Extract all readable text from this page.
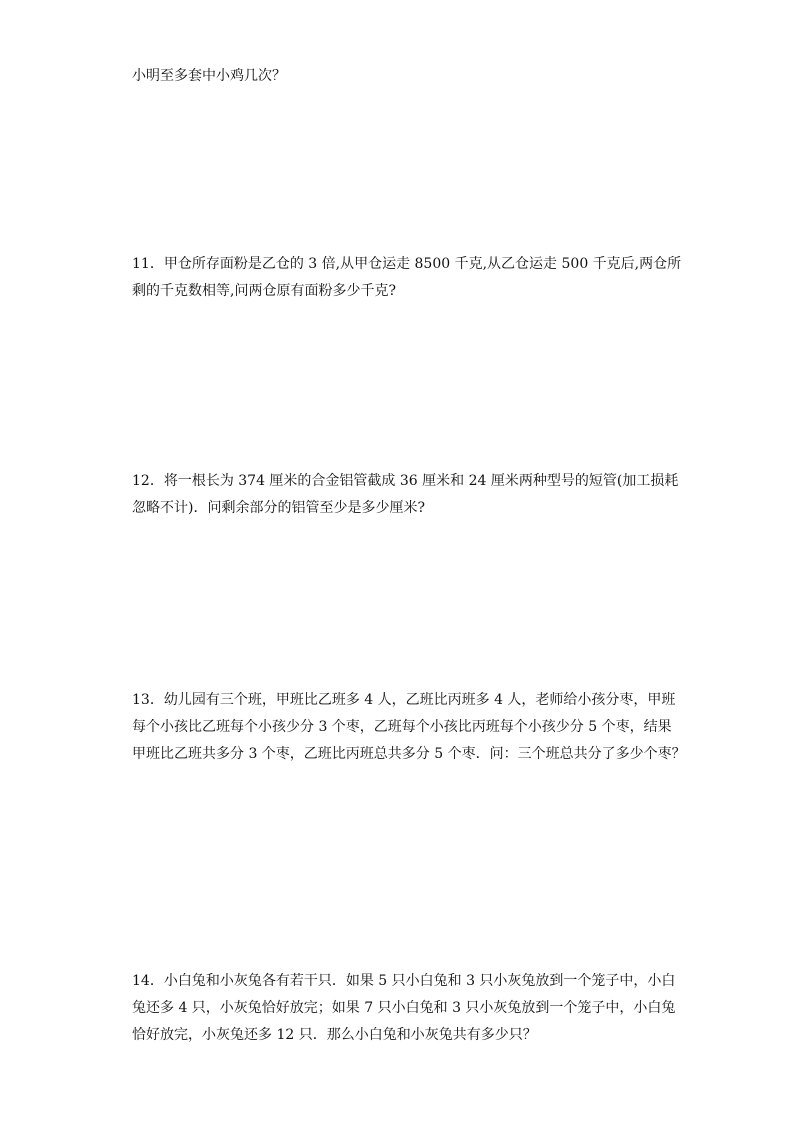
小明至多套中小鸡几次？
11．甲仓所存面粉是乙仓的 3 倍,从甲仓运走 8500 千克,从乙仓运走 500 千克后,两仓所
剩的千克数相等,问两仓原有面粉多少千克?
12．将一根长为 374 厘米的合金铝管截成 36 厘米和 24 厘米两种型号的短管(加工损耗
忽略不计)．问剩余部分的铝管至少是多少厘米?
13．幼儿园有三个班，甲班比乙班多 4 人，乙班比丙班多 4 人，老师给小孩分枣，甲班
每个小孩比乙班每个小孩少分 3 个枣，乙班每个小孩比丙班每个小孩少分 5 个枣，结果
甲班比乙班共多分 3 个枣，乙班比丙班总共多分 5 个枣．问：三个班总共分了多少个枣？
14．小白兔和小灰兔各有若干只．如果 5 只小白兔和 3 只小灰兔放到一个笼子中，小白
兔还多 4 只，小灰兔恰好放完；如果 7 只小白兔和 3 只小灰兔放到一个笼子中，小白兔
恰好放完，小灰兔还多 12 只．那么小白兔和小灰兔共有多少只？
